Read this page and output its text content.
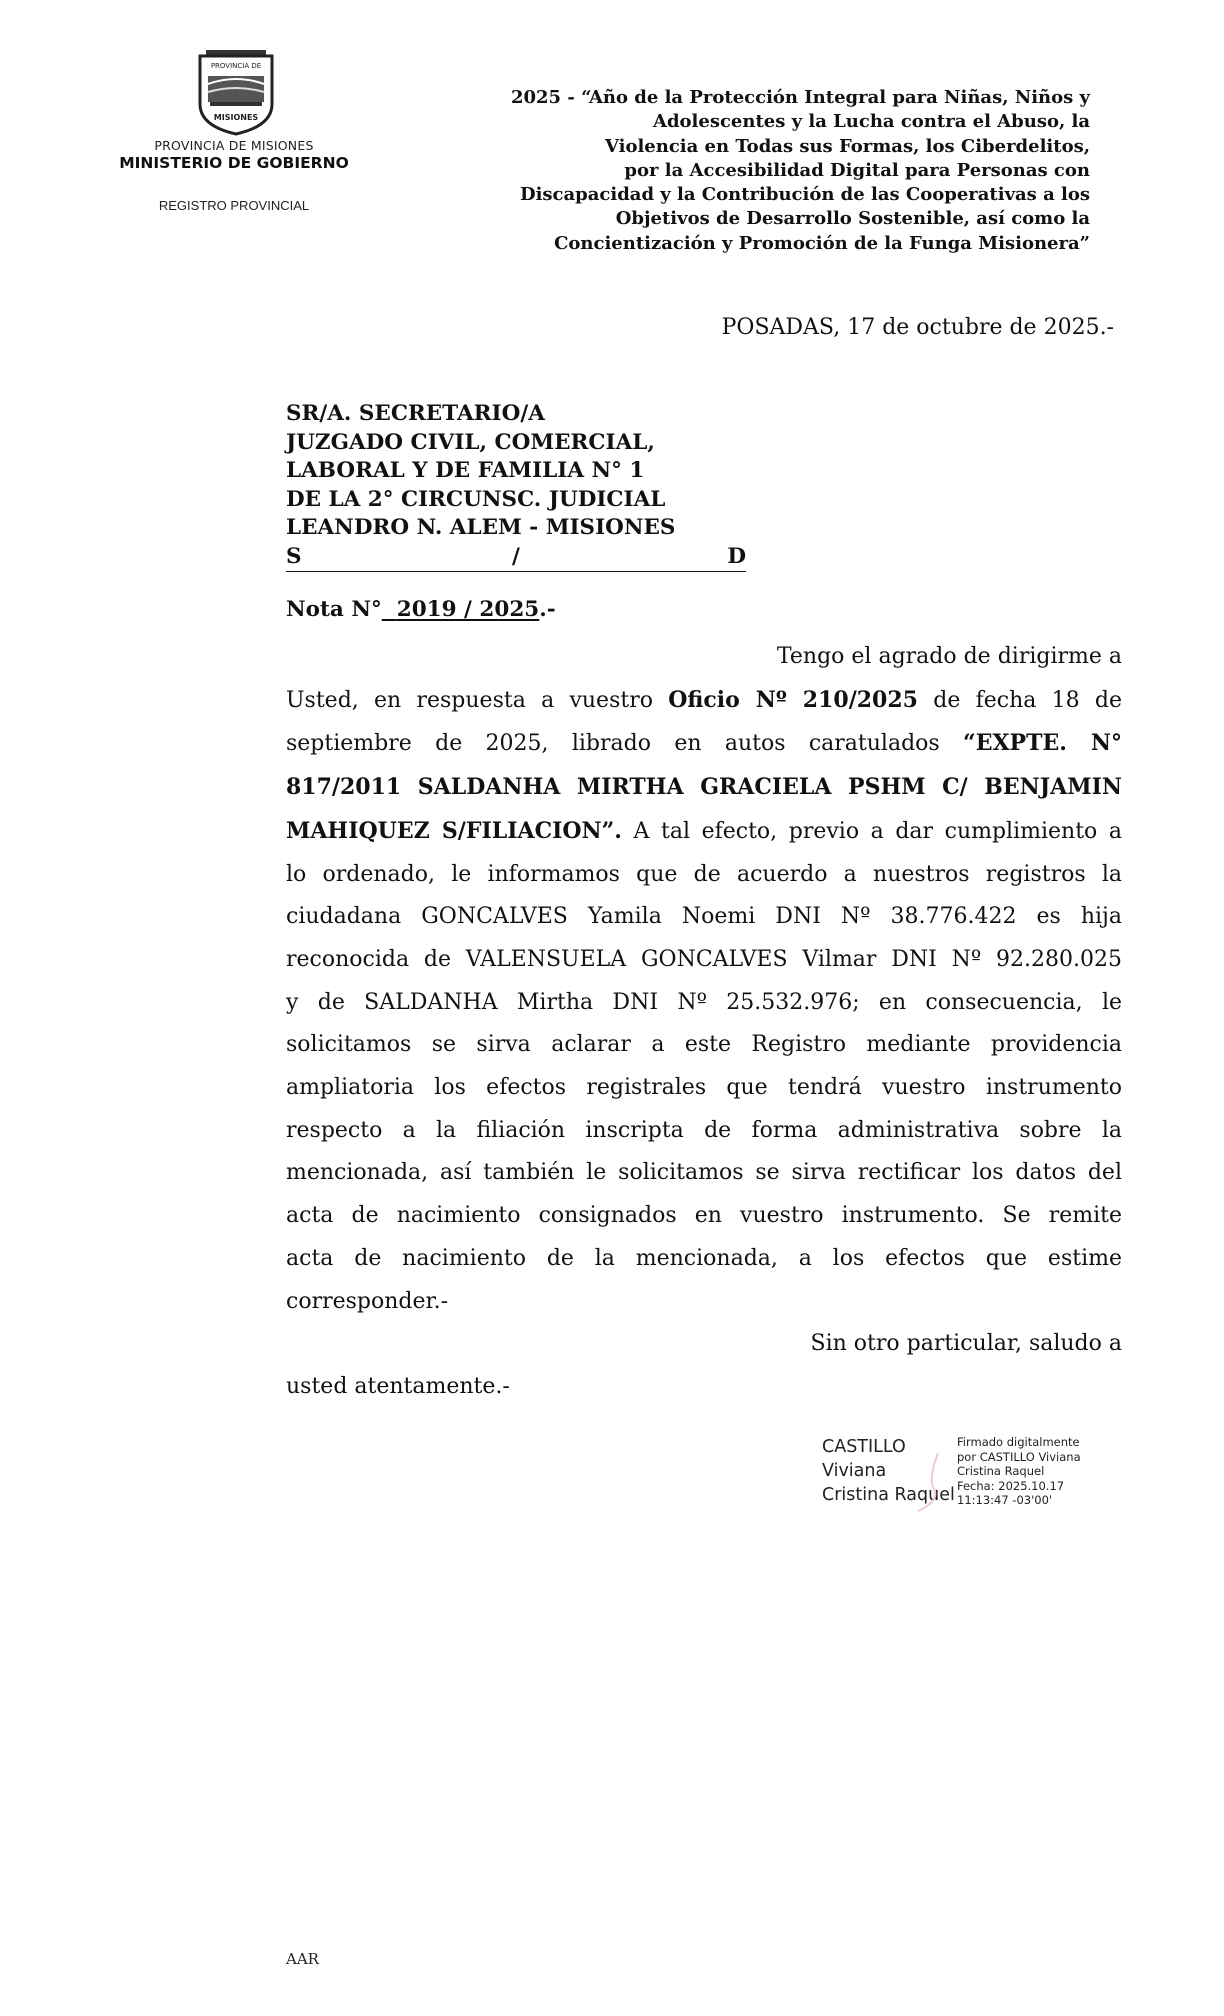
PROVINCIA DE
MISIONES
PROVINCIA DE MISIONES
MINISTERIO DE GOBIERNO
REGISTRO PROVINCIAL
2025 - “Año de la Protección Integral para Niñas, Niños y
Adolescentes y la Lucha contra el Abuso, la
Violencia en Todas sus Formas, los Ciberdelitos,
por la Accesibilidad Digital para Personas con
Discapacidad y la Contribución de las Cooperativas a los
Objetivos de Desarrollo Sostenible, así como la
Concientización y Promoción de la Funga Misionera”
POSADAS, 17 de octubre de 2025.-
SR/A. SECRETARIO/A
JUZGADO CIVIL, COMERCIAL,
LABORAL Y DE FAMILIA N° 1
DE LA 2° CIRCUNSC. JUDICIAL
LEANDRO N. ALEM - MISIONES
S	/	D
Nota N° 2019 / 2025.-
Tengo el agrado de dirigirme a
Usted, en respuesta a vuestro Oficio Nº 210/2025 de fecha 18 de
septiembre de 2025, librado en autos caratulados “EXPTE. N°
817/2011 SALDANHA MIRTHA GRACIELA PSHM C/ BENJAMIN
MAHIQUEZ S/FILIACION”. A tal efecto, previo a dar cumplimiento a
lo ordenado, le informamos que de acuerdo a nuestros registros la
ciudadana GONCALVES Yamila Noemi DNI Nº 38.776.422 es hija
reconocida de VALENSUELA GONCALVES Vilmar DNI Nº 92.280.025
y de SALDANHA Mirtha DNI Nº 25.532.976; en consecuencia, le
solicitamos se sirva aclarar a este Registro mediante providencia
ampliatoria los efectos registrales que tendrá vuestro instrumento
respecto a la filiación inscripta de forma administrativa sobre la
mencionada, así también le solicitamos se sirva rectificar los datos del
acta de nacimiento consignados en vuestro instrumento. Se remite
acta de nacimiento de la mencionada, a los efectos que estime
corresponder.-
Sin otro particular, saludo a
usted atentamente.-
CASTILLO
Viviana
Cristina Raquel
Firmado digitalmente
por CASTILLO Viviana
Cristina Raquel
Fecha: 2025.10.17
11:13:47 -03'00'
AAR
